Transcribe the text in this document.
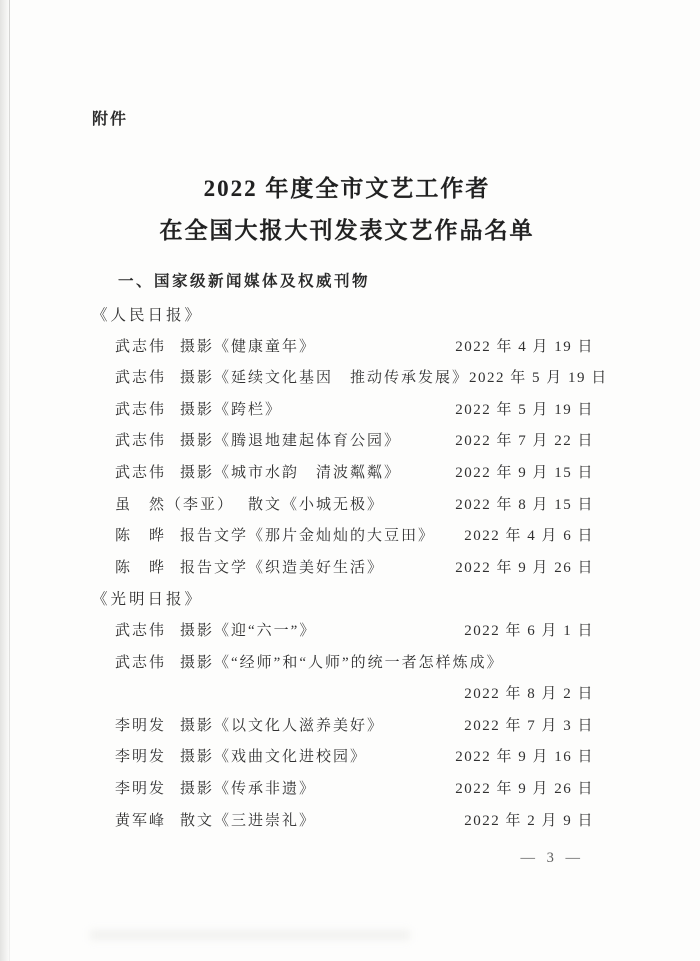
附件
2022 年度全市文艺工作者
在全国大报大刊发表文艺作品名单
一、国家级新闻媒体及权威刊物
《人民日报》
武志伟 摄影《健康童年》	2022 年 4 月 19 日
武志伟 摄影《延续文化基因　推动传承发展》 2022 年 5 月 19 日
武志伟 摄影《跨栏》	2022 年 5 月 19 日
武志伟 摄影《腾退地建起体育公园》	2022 年 7 月 22 日
武志伟 摄影《城市水韵　清波粼粼》	2022 年 9 月 15 日
虽　然（李亚） 散文《小城无极》	2022 年 8 月 15 日
陈　晔 报告文学《那片金灿灿的大豆田》 2022 年 4 月 6 日
陈　晔 报告文学《织造美好生活》	2022 年 9 月 26 日
《光明日报》
武志伟 摄影《迎“六一”》	2022 年 6 月 1 日
武志伟 摄影《“经师”和“人师”的统一者怎样炼成》
2022 年 8 月 2 日
李明发 摄影《以文化人滋养美好》	2022 年 7 月 3 日
李明发 摄影《戏曲文化进校园》	2022 年 9 月 16 日
李明发 摄影《传承非遗》	2022 年 9 月 26 日
黄军峰 散文《三进崇礼》	2022 年 2 月 9 日
— 3 —
